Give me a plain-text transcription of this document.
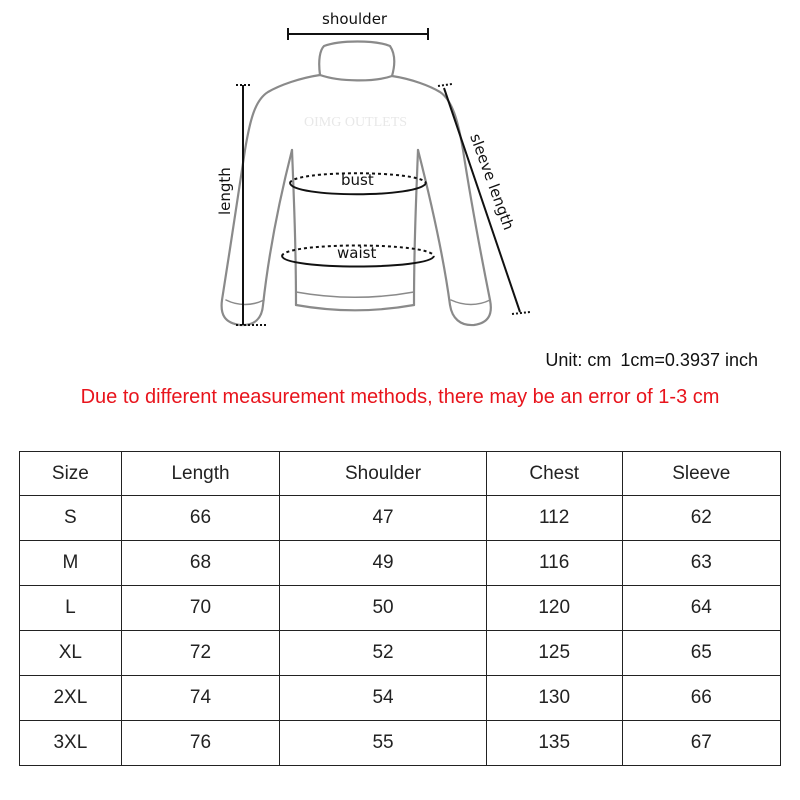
OIMG OUTLETS
shoulder
length	sleeve length
bust
waist
Unit: cm 1cm=0.3937 inch
Due to different measurement methods, there may be an error of 1-3 cm
Size	Length	Shoulder	Chest	Sleeve
S	66	47	112	62
M	68	49	116	63
L	70	50	120	64
XL	72	52	125	65
2XL	74	54	130	66
3XL	76	55	135	67
